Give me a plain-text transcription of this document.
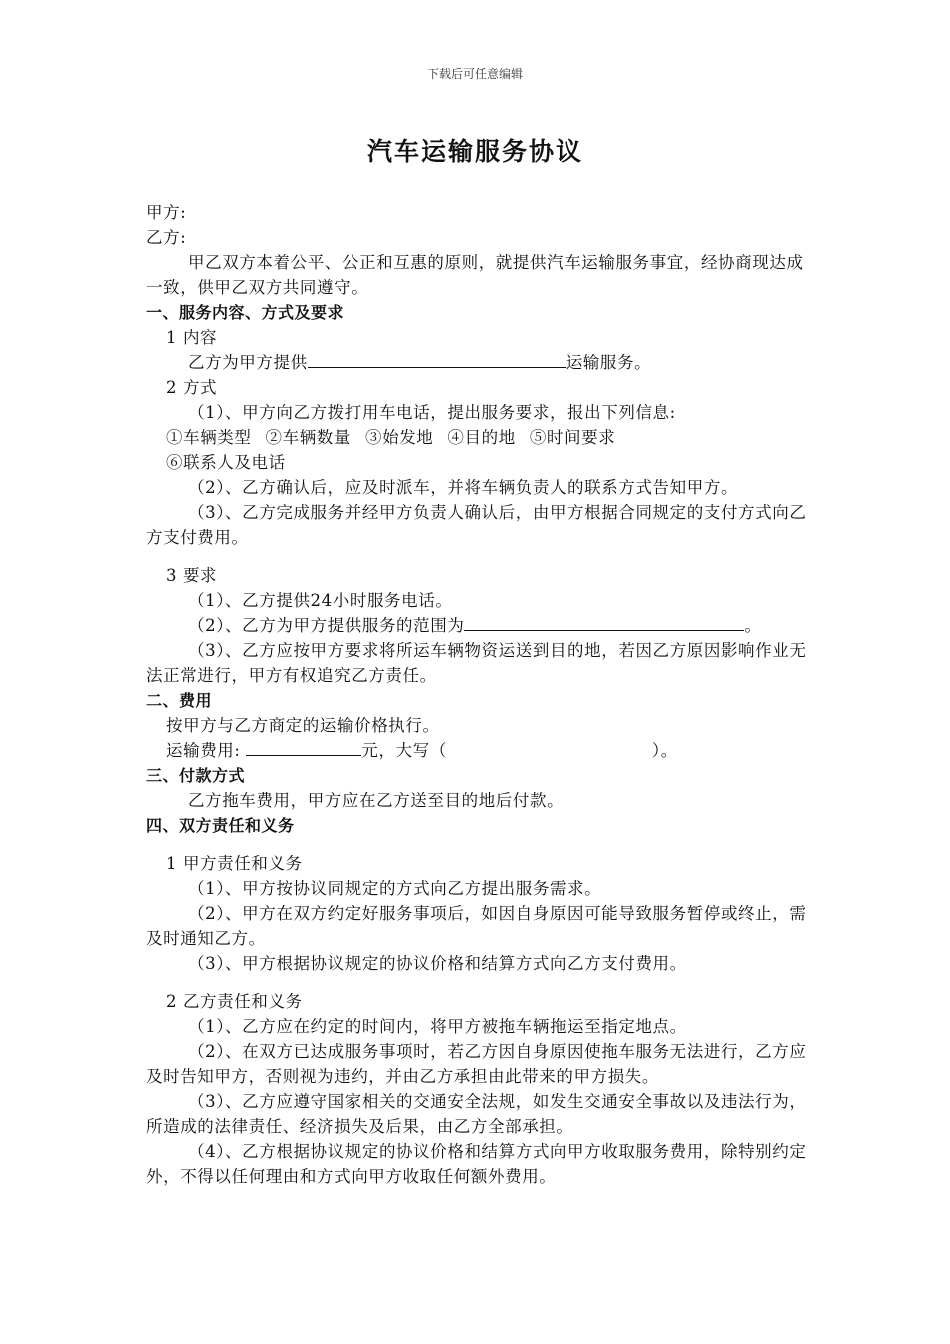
下载后可任意编辑
汽车运输服务协议

甲方:

乙方:

甲乙双方本着公平、公正和互惠的原则，就提供汽车运输服务事宜，经协商现达成一致，供甲乙双方共同遵守。

一、服务内容、方式及要求

1 内容

乙方为甲方提供	运输服务。

2 方式

（1）、甲方向乙方拨打用车电话，提出服务要求，报出下列信息:

①车辆类型 ②车辆数量 ③始发地 ④目的地 ⑤时间要求

⑥联系人及电话

（2）、乙方确认后，应及时派车，并将车辆负责人的联系方式告知甲方。

（3）、乙方完成服务并经甲方负责人确认后，由甲方根据合同规定的支付方式向乙方支付费用。

3 要求

（1）、乙方提供24小时服务电话。

（2）、乙方为甲方提供服务的范围为	。

（3）、乙方应按甲方要求将所运车辆物资运送到目的地，若因乙方原因影响作业无法正常进行，甲方有权追究乙方责任。

二、费用

按甲方与乙方商定的运输价格执行。

运输费用:	元，大写（	）。

三、付款方式

乙方拖车费用，甲方应在乙方送至目的地后付款。

四、双方责任和义务

1 甲方责任和义务

（1）、甲方按协议同规定的方式向乙方提出服务需求。

（2）、甲方在双方约定好服务事项后，如因自身原因可能导致服务暂停或终止，需及时通知乙方。

（3）、甲方根据协议规定的协议价格和结算方式向乙方支付费用。

2 乙方责任和义务

（1）、乙方应在约定的时间内，将甲方被拖车辆拖运至指定地点。

（2）、在双方已达成服务事项时，若乙方因自身原因使拖车服务无法进行，乙方应及时告知甲方，否则视为违约，并由乙方承担由此带来的甲方损失。

（3）、乙方应遵守国家相关的交通安全法规，如发生交通安全事故以及违法行为，所造成的法律责任、经济损失及后果，由乙方全部承担。

（4）、乙方根据协议规定的协议价格和结算方式向甲方收取服务费用，除特别约定外，不得以任何理由和方式向甲方收取任何额外费用。
